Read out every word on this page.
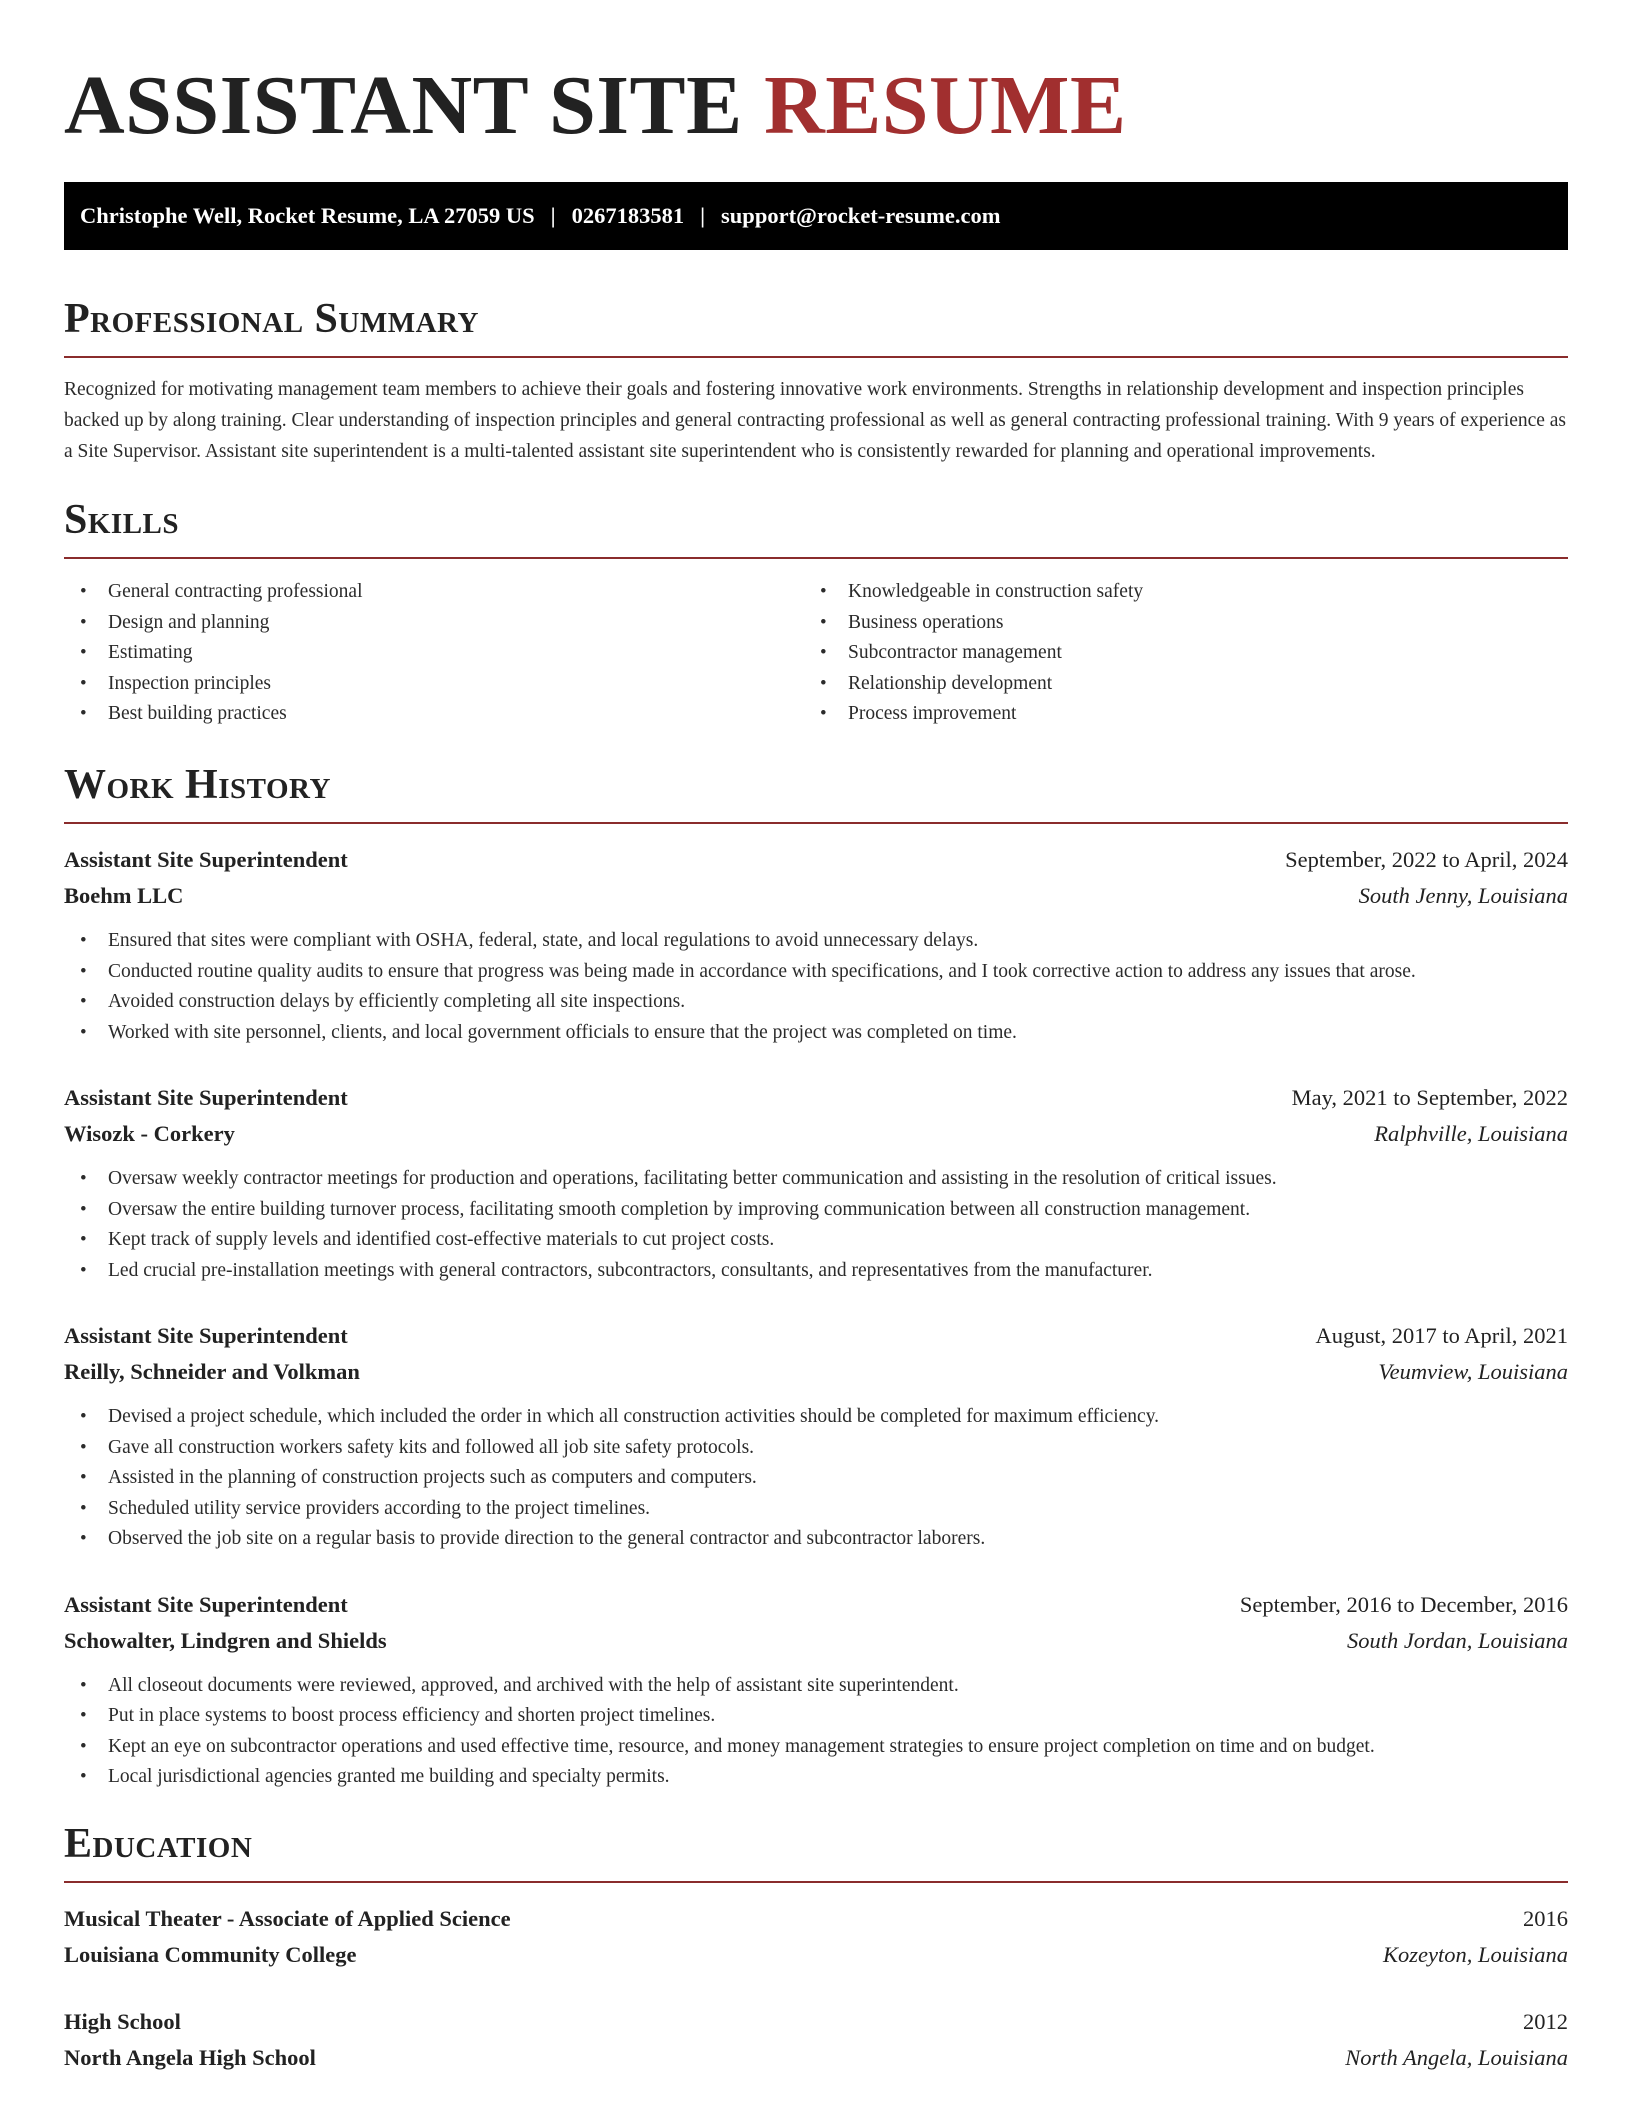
ASSISTANT SITE RESUME
Christophe Well, Rocket Resume, LA 27059 US | 0267183581 | support@rocket-resume.com
Professional Summary

Recognized for motivating management team members to achieve their goals and fostering innovative work environments. Strengths in relationship development and inspection principles backed up by along training. Clear understanding of inspection principles and general contracting professional as well as general contracting professional training. With 9 years of experience as a Site Supervisor. Assistant site superintendent is a multi-talented assistant site superintendent who is consistently rewarded for planning and operational improvements.

Skills
• General contracting professional
• Design and planning
• Estimating
• Inspection principles
• Best building practices
• Knowledgeable in construction safety
• Business operations
• Subcontractor management
• Relationship development
• Process improvement
Work History
Assistant Site Superintendent	September, 2022 to April, 2024
Boehm LLC	South Jenny, Louisiana
• Ensured that sites were compliant with OSHA, federal, state, and local regulations to avoid unnecessary delays.
• Conducted routine quality audits to ensure that progress was being made in accordance with specifications, and I took corrective action to address any issues that arose.
• Avoided construction delays by efficiently completing all site inspections.
• Worked with site personnel, clients, and local government officials to ensure that the project was completed on time.
Assistant Site Superintendent	May, 2021 to September, 2022
Wisozk - Corkery	Ralphville, Louisiana
• Oversaw weekly contractor meetings for production and operations, facilitating better communication and assisting in the resolution of critical issues.
• Oversaw the entire building turnover process, facilitating smooth completion by improving communication between all construction management.
• Kept track of supply levels and identified cost-effective materials to cut project costs.
• Led crucial pre-installation meetings with general contractors, subcontractors, consultants, and representatives from the manufacturer.
Assistant Site Superintendent	August, 2017 to April, 2021
Reilly, Schneider and Volkman	Veumview, Louisiana
• Devised a project schedule, which included the order in which all construction activities should be completed for maximum efficiency.
• Gave all construction workers safety kits and followed all job site safety protocols.
• Assisted in the planning of construction projects such as computers and computers.
• Scheduled utility service providers according to the project timelines.
• Observed the job site on a regular basis to provide direction to the general contractor and subcontractor laborers.
Assistant Site Superintendent	September, 2016 to December, 2016
Schowalter, Lindgren and Shields	South Jordan, Louisiana
• All closeout documents were reviewed, approved, and archived with the help of assistant site superintendent.
• Put in place systems to boost process efficiency and shorten project timelines.
• Kept an eye on subcontractor operations and used effective time, resource, and money management strategies to ensure project completion on time and on budget.
• Local jurisdictional agencies granted me building and specialty permits.
Education
Musical Theater - Associate of Applied Science	2016
Louisiana Community College	Kozeyton, Louisiana
High School	2012
North Angela High School	North Angela, Louisiana
